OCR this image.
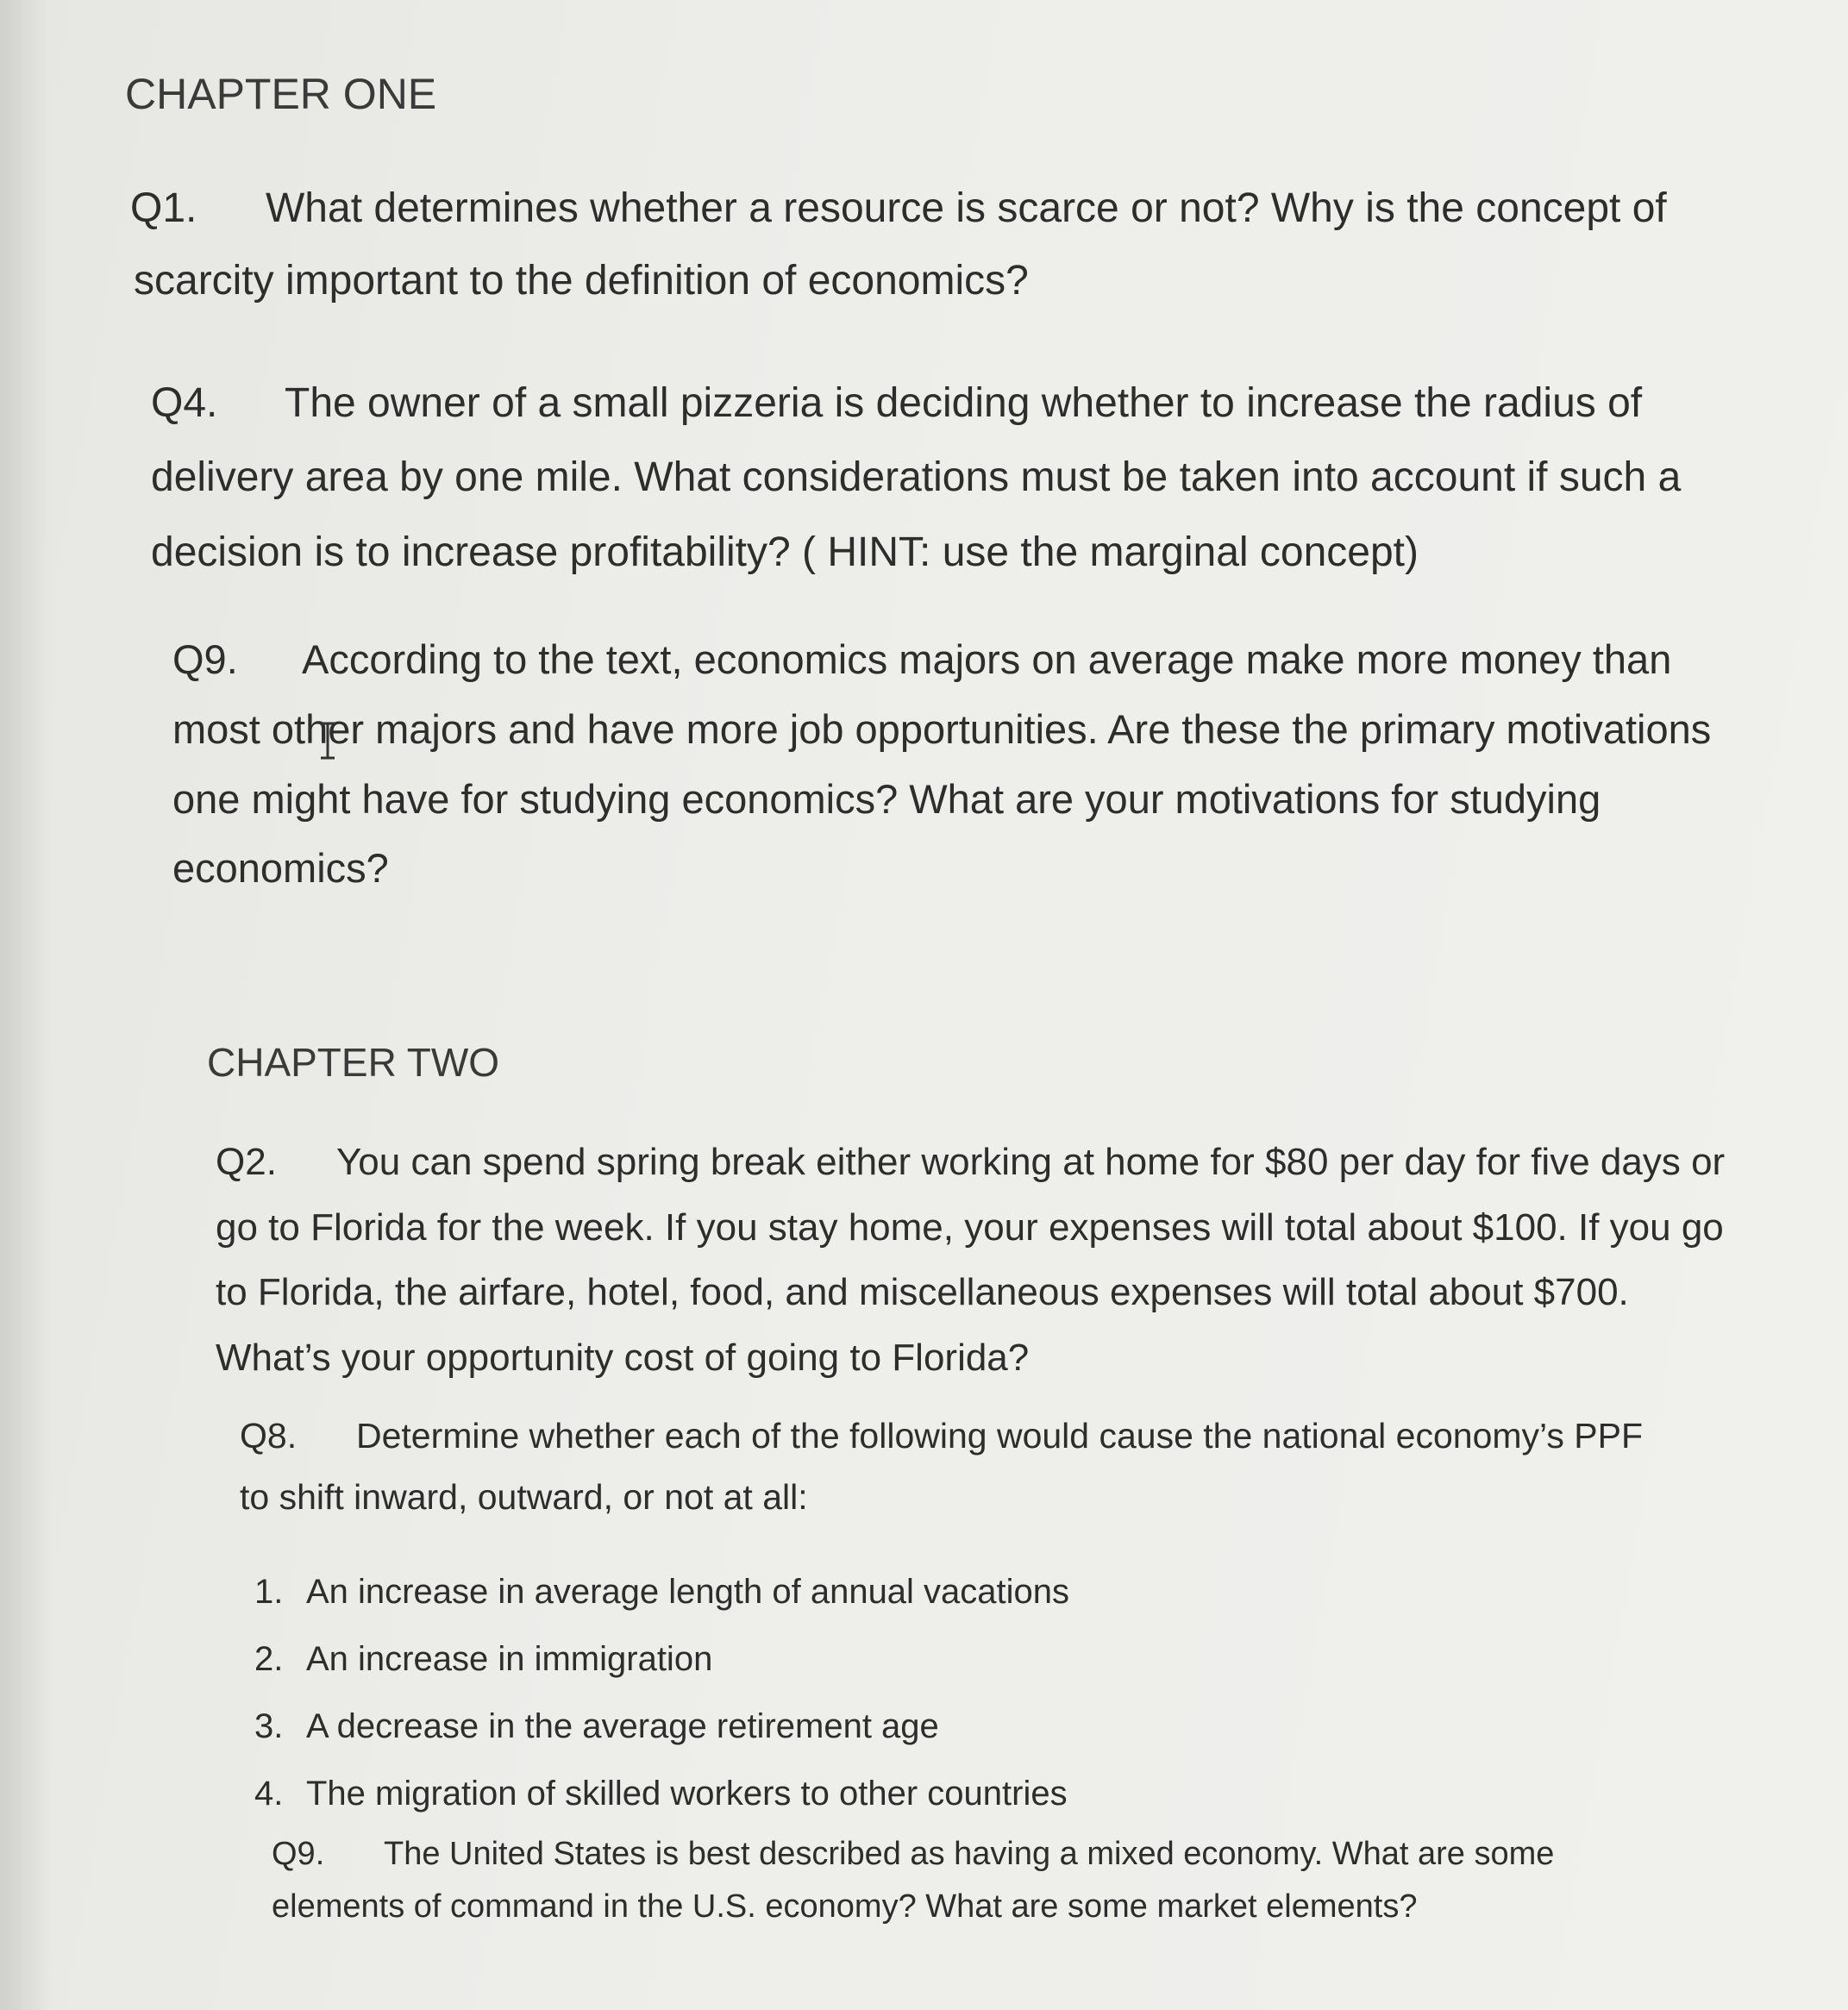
CHAPTER ONE

Q1. What determines whether a resource is scarce or not? Why is the concept of scarcity important to the definition of economics?

Q4. The owner of a small pizzeria is deciding whether to increase the radius of delivery area by one mile. What considerations must be taken into account if such a decision is to increase profitability? ( HINT: use the marginal concept)

Q9. According to the text, economics majors on average make more money than most other majors and have more job opportunities. Are these the primary motivations one might have for studying economics? What are your motivations for studying economics?

CHAPTER TWO

Q2. You can spend spring break either working at home for $80 per day for five days or go to Florida for the week. If you stay home, your expenses will total about $100. If you go to Florida, the airfare, hotel, food, and miscellaneous expenses will total about $700. What’s your opportunity cost of going to Florida?

Q8. Determine whether each of the following would cause the national economy’s PPF to shift inward, outward, or not at all:

1. An increase in average length of annual vacations
2. An increase in immigration
3. A decrease in the average retirement age
4. The migration of skilled workers to other countries

Q9. The United States is best described as having a mixed economy. What are some elements of command in the U.S. economy? What are some market elements?
